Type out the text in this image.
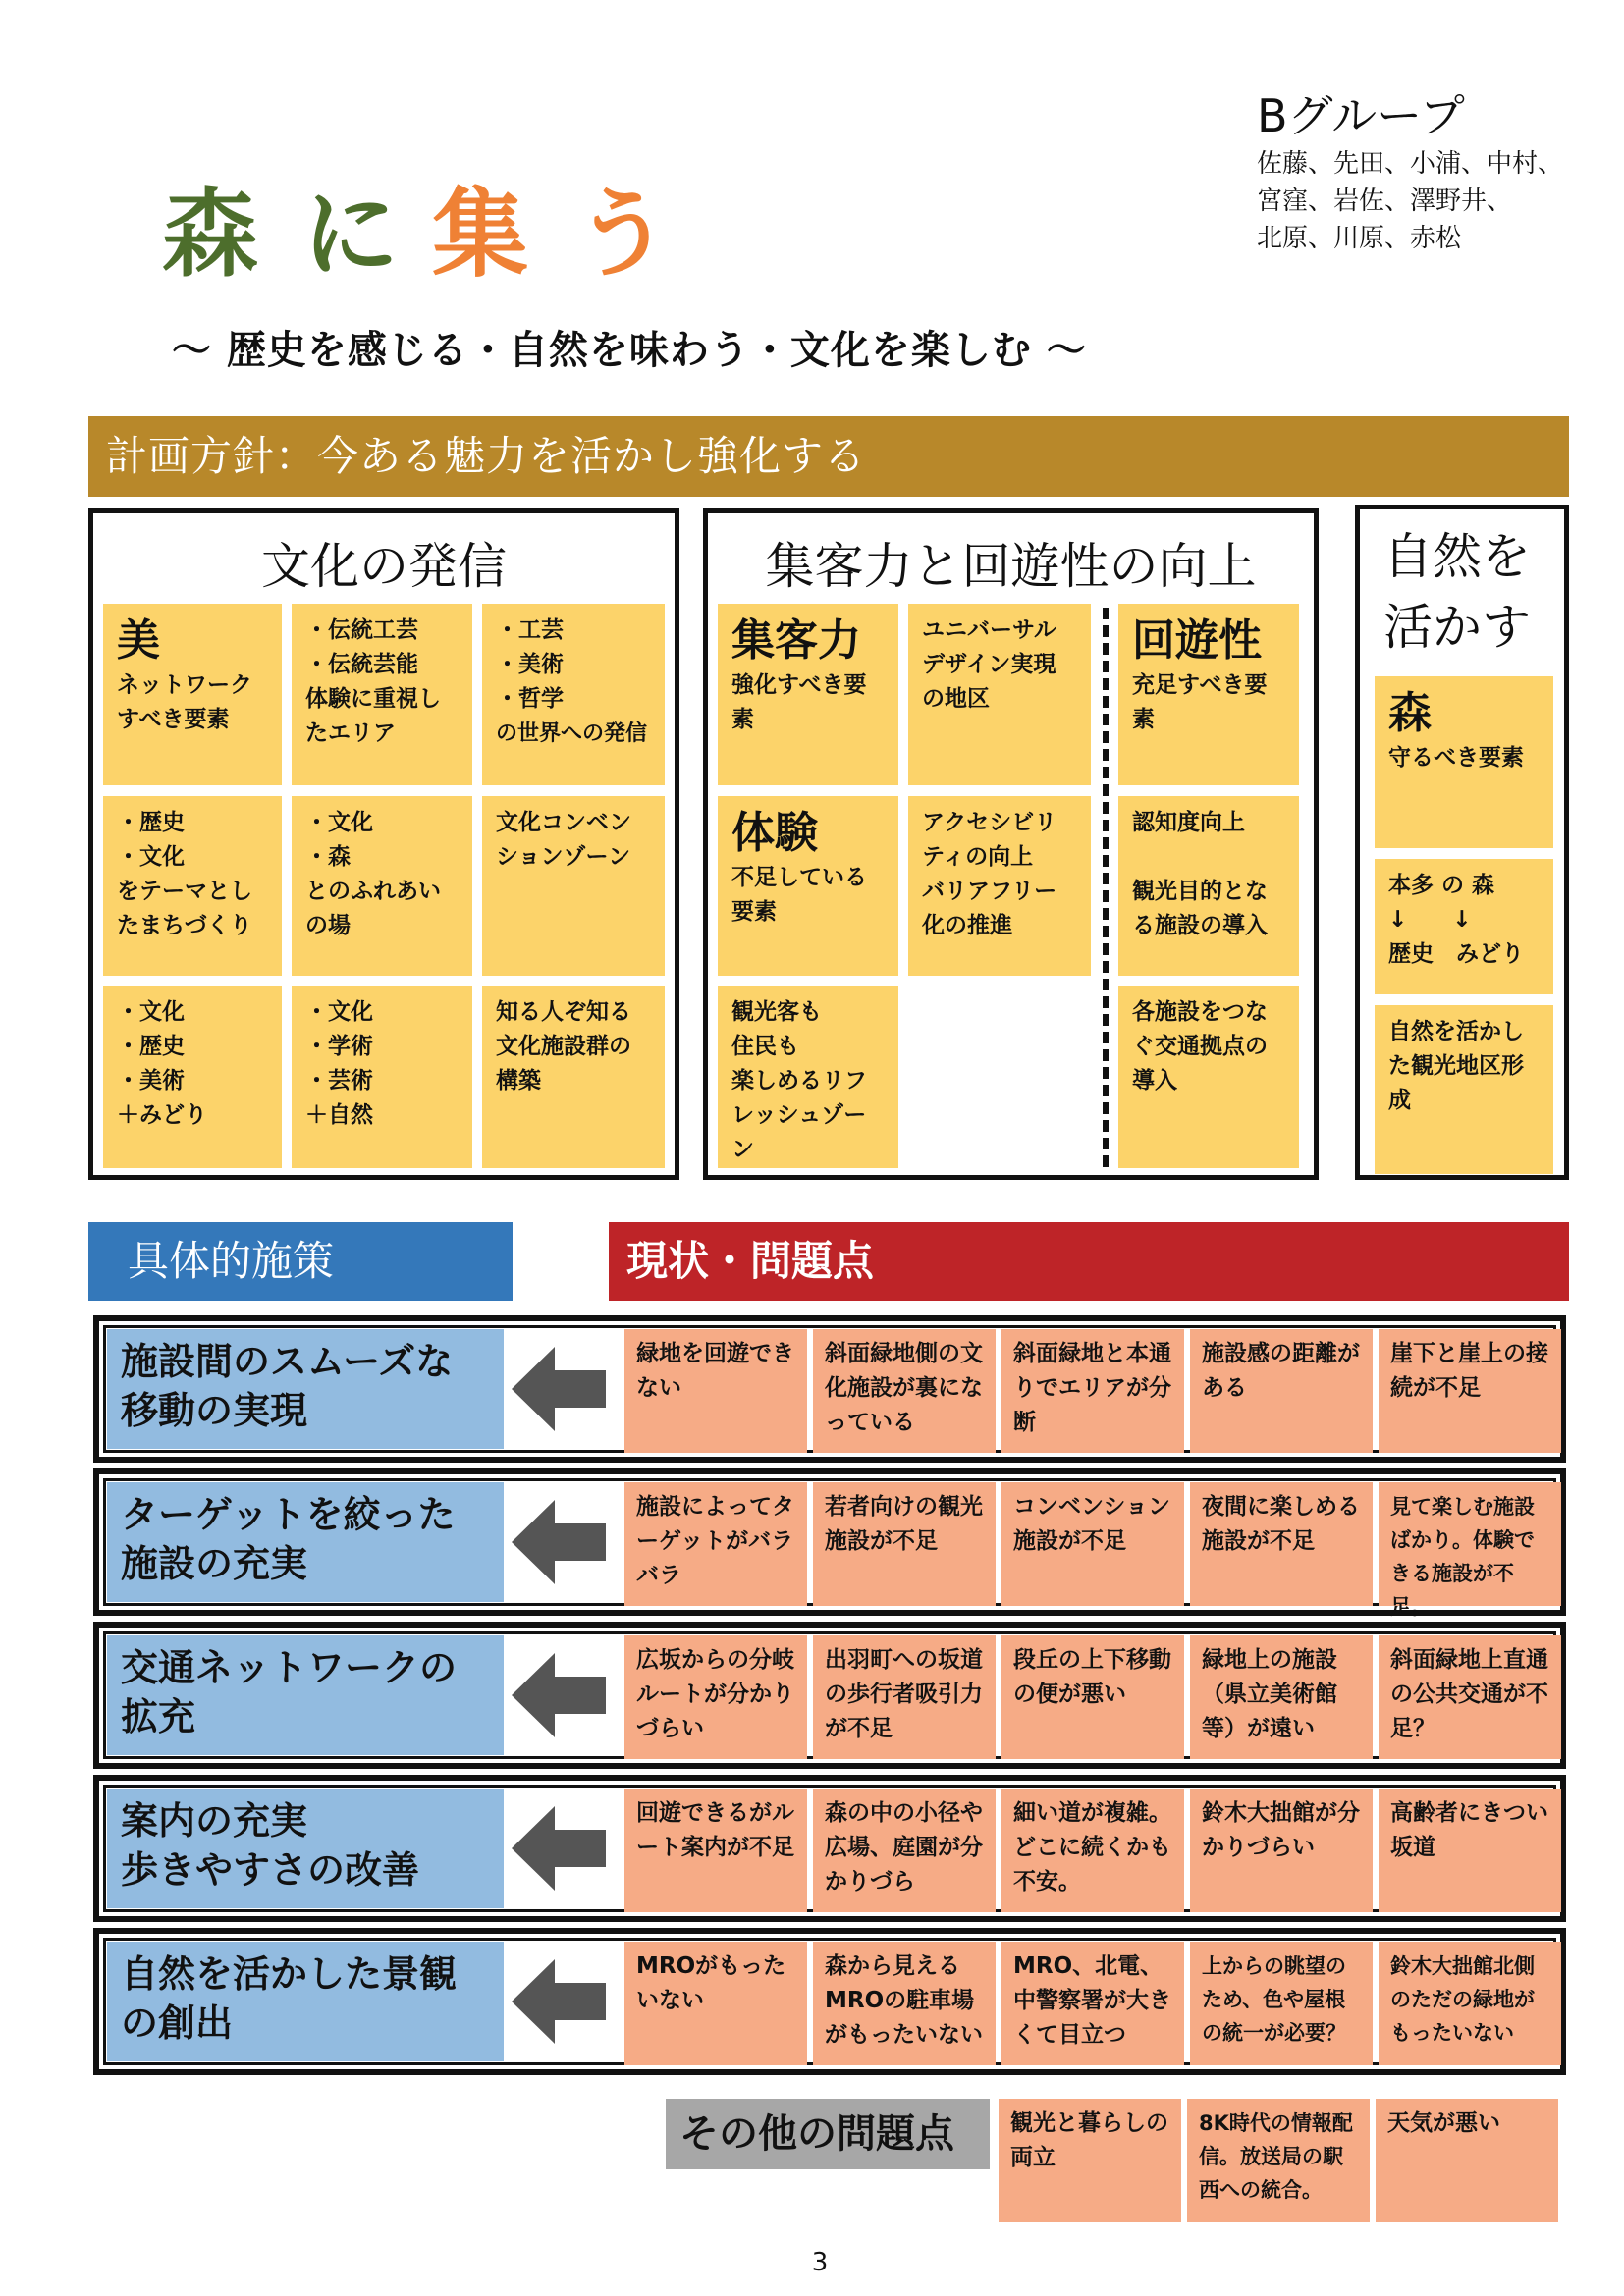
森 に 集 う
Bグループ
佐藤、先田、小浦、中村、
宮窪、岩佐、澤野井、
北原、川原、赤松
～ 歴史を感じる・自然を味わう・文化を楽しむ ～
計画方針：今ある魅力を活かし強化する
文化の発信
美
ネットワークすべき要素
・伝統工芸
・伝統芸能
体験に重視したエリア
・工芸
・美術
・哲学
の世界への発信
・歴史
・文化
をテーマとしたまちづくり
・文化
・森
とのふれあいの場
文化コンベンションゾーン
・文化
・歴史
・美術
＋みどり
・文化
・学術
・芸術
＋自然
知る人ぞ知る文化施設群の構築
集客力と回遊性の向上
集客力
強化すべき要素
ユニバーサルデザイン実現の地区
回遊性
充足すべき要素
体験
不足している要素
アクセシビリティの向上
バリアフリー化の推進
認知度向上

観光目的となる施設の導入
観光客も
住民も
楽しめるリフレッシュゾーン
各施設をつなぐ交通拠点の導入
自然を活かす
森
守るべき要素
本多 の 森
↓　　↓
歴史　みどり
自然を活かした観光地区形成
具体的施策	現状・問題点
施設間のスムーズな移動の実現
緑地を回遊できない
斜面緑地側の文化施設が裏になっている
斜面緑地と本通りでエリアが分断
施設感の距離がある
崖下と崖上の接続が不足
ターゲットを絞った施設の充実
施設によってターゲットがバラバラ
若者向けの観光施設が不足
コンベンション施設が不足
夜間に楽しめる施設が不足
見て楽しむ施設ばかり。体験できる施設が不足。
交通ネットワークの拡充
広坂からの分岐ルートが分かりづらい
出羽町への坂道の歩行者吸引力が不足
段丘の上下移動の便が悪い
緑地上の施設（県立美術館等）が遠い
斜面緑地上直通の公共交通が不足？
案内の充実
歩きやすさの改善
回遊できるがルート案内が不足
森の中の小径や広場、庭園が分かりづら
細い道が複雑。どこに続くかも不安。
鈴木大拙館が分かりづらい
高齢者にきつい坂道
自然を活かした景観の創出
MROがもったいない
森から見えるMROの駐車場がもったいない
MRO、北電、中警察署が大きくて目立つ
上からの眺望のため、色や屋根の統一が必要？
鈴木大拙館北側のただの緑地がもったいない
その他の問題点	観光と暮らしの両立
8K時代の情報配信。放送局の駅西への統合。
天気が悪い
3
